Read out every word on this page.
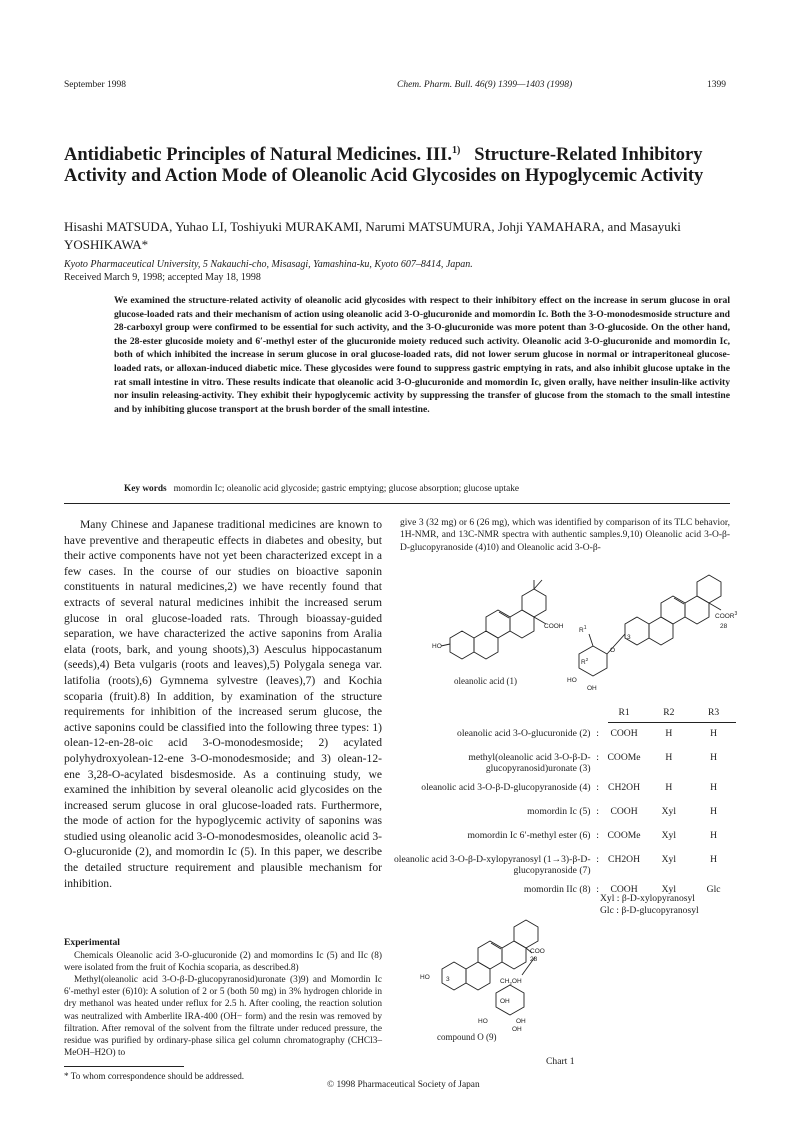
September 1998	Chem. Pharm. Bull. 46(9) 1399—1403 (1998)	1399
Antidiabetic Principles of Natural Medicines. III.$^{1)}$ Structure-Related Inhibitory Activity and Action Mode of Oleanolic Acid Glycosides on Hypoglycemic Activity
Hisashi MATSUDA, Yuhao LI, Toshiyuki MURAKAMI, Narumi MATSUMURA, Johji YAMAHARA, and Masayuki YOSHIKAWA*
Kyoto Pharmaceutical University, 5 Nakauchi-cho, Misasagi, Yamashina-ku, Kyoto 607–8414, Japan.
Received March 9, 1998; accepted May 18, 1998
We examined the structure-related activity of oleanolic acid glycosides with respect to their inhibitory effect on the increase in serum glucose in oral glucose-loaded rats and their mechanism of action using oleanolic acid 3-O-glucuronide and momordin Ic. Both the 3-O-monodesmoside structure and 28-carboxyl group were confirmed to be essential for such activity, and the 3-O-glucuronide was more potent than 3-O-glucoside. On the other hand, the 28-ester glucoside moiety and 6′-methyl ester of the glucuronide moiety reduced such activity. Oleanolic acid 3-O-glucuronide and momordin Ic, both of which inhibited the increase in serum glucose in oral glucose-loaded rats, did not lower serum glucose in normal or intraperitoneal glucose-loaded rats, or alloxan-induced diabetic mice. These glycosides were found to suppress gastric emptying in rats, and also inhibit glucose uptake in the rat small intestine in vitro. These results indicate that oleanolic acid 3-O-glucuronide and momordin Ic, given orally, have neither insulin-like activity nor insulin releasing-activity. They exhibit their hypoglycemic activity by suppressing the transfer of glucose from the stomach to the small intestine and by inhibiting glucose transport at the brush border of the small intestine.
Key words momordin Ic; oleanolic acid glycoside; gastric emptying; glucose absorption; glucose uptake
Many Chinese and Japanese traditional medicines are known to have preventive and therapeutic effects in diabetes and obesity, but their active components have not yet been characterized except in a few cases. In the course of our studies on bioactive saponin constituents in natural medicines,2) we have recently found that extracts of several natural medicines inhibit the increased serum glucose in oral glucose-loaded rats. Through bioassay-guided separation, we have characterized the active saponins from Aralia elata (roots, bark, and young shoots),3) Aesculus hippocastanum (seeds),4) Beta vulgaris (roots and leaves),5) Polygala senega var. latifolia (roots),6) Gymnema sylvestre (leaves),7) and Kochia scoparia (fruit).8) In addition, by examination of the structure requirements for inhibition of the increased serum glucose, the active saponins could be classified into the following three types: 1) olean-12-en-28-oic acid 3-O-monodesmoside; 2) acylated polyhydroxyolean-12-ene 3-O-monodesmoside; and 3) olean-12-ene 3,28-O-acylated bisdesmoside. As a continuing study, we examined the inhibition by several oleanolic acid glycosides on the increased serum glucose in oral glucose-loaded rats. Furthermore, the mode of action for the hypoglycemic activity of saponins was studied using oleanolic acid 3-O-monodesmosides, oleanolic acid 3-O-glucuronide (2), and momordin Ic (5). In this paper, we describe the detailed structure requirement and plausible mechanism for inhibition.
Experimental
Chemicals Oleanolic acid 3-O-glucuronide (2) and momordins Ic (5) and IIc (8) were isolated from the fruit of Kochia scoparia, as described.8)
Methyl(oleanolic acid 3-O-β-D-glucopyranosid)uronate (3)9) and Momordin Ic 6′-methyl ester (6)10): A solution of 2 or 5 (both 50 mg) in 3% hydrogen chloride in dry methanol was heated under reflux for 2.5 h. After cooling, the reaction solution was neutralized with Amberlite IRA-400 (OH− form) and the resin was removed by filtration. After removal of the solvent from the filtrate under reduced pressure, the residue was purified by ordinary-phase silica gel column chromatography (CHCl3–MeOH–H2O) to
* To whom correspondence should be addressed.
give 3 (32 mg) or 6 (26 mg), which was identified by comparison of its TLC behavior, 1H-NMR, and 13C-NMR spectra with authentic samples.9,10) Oleanolic acid 3-O-β-D-glucopyranoside (4)10) and Oleanolic acid 3-O-β-
COOH
HO
oleanolic acid (1)
COOR$^3$
28
3
$R^1$
$R^2$
O
HO
OH
		R1	R2	R3

oleanolic acid 3-O-glucuronide (2)	:	COOH	H	H
methyl(oleanolic acid 3-O-β-D-glucopyranosid)uronate (3)	:	COOMe	H	H
oleanolic acid 3-O-β-D-glucopyranoside (4)	:	CH2OH	H	H
momordin Ic (5)	:	COOH	Xyl	H
momordin Ic 6′-methyl ester (6)	:	COOMe	Xyl	H
oleanolic acid 3-O-β-D-xylopyranosyl (1→3)-β-D-glucopyranoside (7)	:	CH2OH	Xyl	H
momordin IIc (8)	:	COOH	Xyl	Glc
Xyl : β-D-xylopyranosyl
Glc : β-D-glucopyranosyl
COO
28
HO	3	$CH_2OH$
OH
HO
OH
OH
compound O (9)
Chart 1
© 1998 Pharmaceutical Society of Japan
